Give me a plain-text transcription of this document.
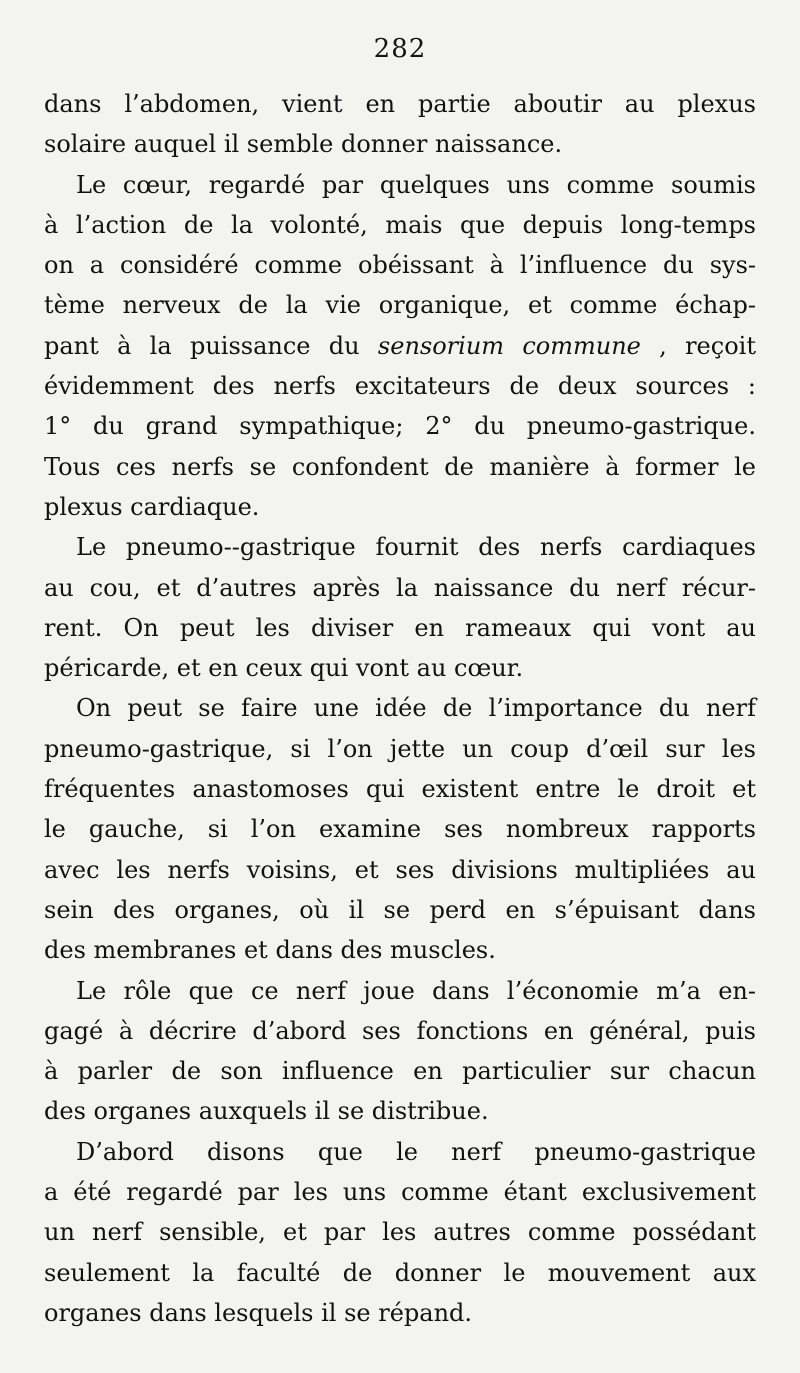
282
dans l’abdomen, vient en partie aboutir au plexus
solaire auquel il semble donner naissance.
Le cœur, regardé par quelques uns comme soumis
à l’action de la volonté, mais que depuis long-temps
on a considéré comme obéissant à l’influence du sys-
tème nerveux de la vie organique, et comme échap-
pant à la puissance du sensorium commune , reçoit
évidemment des nerfs excitateurs de deux sources :
1° du grand sympathique; 2° du pneumo-gastrique.
Tous ces nerfs se confondent de manière à former le
plexus cardiaque.
Le pneumo--gastrique fournit des nerfs cardiaques
au cou, et d’autres après la naissance du nerf récur-
rent. On peut les diviser en rameaux qui vont au
péricarde, et en ceux qui vont au cœur.
On peut se faire une idée de l’importance du nerf
pneumo-gastrique, si l’on jette un coup d’œil sur les
fréquentes anastomoses qui existent entre le droit et
le gauche, si l’on examine ses nombreux rapports
avec les nerfs voisins, et ses divisions multipliées au
sein des organes, où il se perd en s’épuisant dans
des membranes et dans des muscles.
Le rôle que ce nerf joue dans l’économie m’a en-
gagé à décrire d’abord ses fonctions en général, puis
à parler de son influence en particulier sur chacun
des organes auxquels il se distribue.
D’abord disons que le nerf pneumo-gastrique
a été regardé par les uns comme étant exclusivement
un nerf sensible, et par les autres comme possédant
seulement la faculté de donner le mouvement aux
organes dans lesquels il se répand.
